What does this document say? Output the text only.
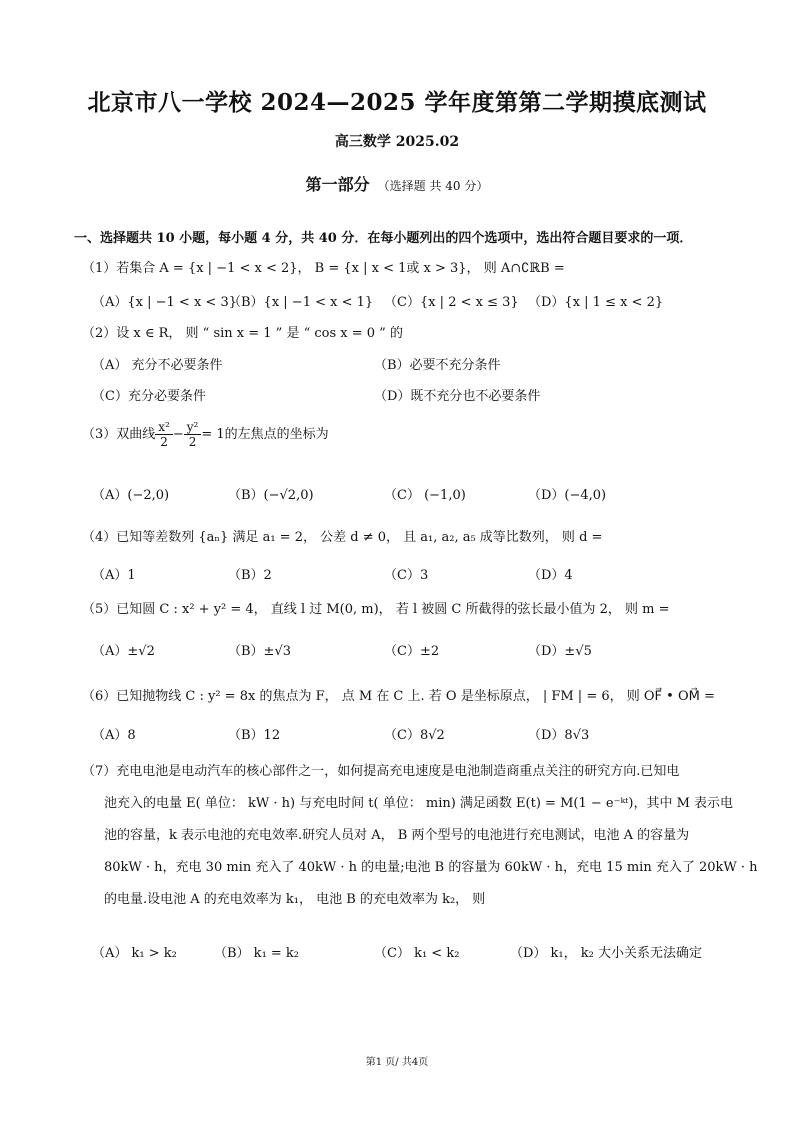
北京市八一学校 2024—2025 学年度第第二学期摸底测试
高三数学 2025.02
第一部分 （选择题 共 40 分）
一、选择题共 10 小题，每小题 4 分，共 40 分．在每小题列出的四个选项中，选出符合题目要求的一项．
（1）若集合 A = {x | −1 < x < 2}， B = {x | x < 1或 x > 3}， 则 A∩∁ℝB =
（A）{x | −1 < x < 3}
（B）{x | −1 < x < 1} （C）{x | 2 < x ≤ 3} （D）{x | 1 ≤ x < 2}
（2）设 x ∈ R， 则 “ sin x = 1 ” 是 “ cos x = 0 ” 的
（A） 充分不必要条件	（B）必要不充分条件
（C）充分必要条件	（D）既不充分也不必要条件
（3）双曲线 $\frac{\text{x²}}{2} - \frac{\text{y²}}{2} = 1$的左焦点的坐标为
（A）(−2,0)	（B）(−√2,0)	（C） (−1,0)	（D）(−4,0)
（4）已知等差数列 {aₙ} 满足 a₁ = 2， 公差 d ≠ 0， 且 a₁, a₂, a₅ 成等比数列， 则 d =
（A）1	（B）2	（C）3	（D）4
（5）已知圆 C : x² + y² = 4， 直线 l 过 M(0, m)， 若 l 被圆 C 所截得的弦长最小值为 2， 则 m =
（A）±√2	（B）±√3	（C）±2	（D）±√5
（6）已知抛物线 C : y² = 8x 的焦点为 F， 点 M 在 C 上. 若 O 是坐标原点， | FM | = 6， 则 OF⃗ • OM⃗ =
（A）8	（B）12	（C）8√2	（D）8√3

（7）充电电池是电动汽车的核心部件之一，如何提高充电速度是电池制造商重点关注的研究方向.已知电

池充入的电量 E( 单位： kW · h) 与充电时间 t( 单位： min) 满足函数 E(t) = M(1 − e⁻ᵏᵗ)，其中 M 表示电

池的容量，k 表示电池的充电效率.研究人员对 A， B 两个型号的电池进行充电测试，电池 A 的容量为

80kW · h，充电 30 min 充入了 40kW · h 的电量;电池 B 的容量为 60kW · h，充电 15 min 充入了 20kW · h

的电量.设电池 A 的充电效率为 k₁， 电池 B 的充电效率为 k₂， 则

（A） k₁ > k₂	（B） k₁ = k₂	（C） k₁ < k₂	（D） k₁， k₂ 大小关系无法确定
第1 页/ 共4页
